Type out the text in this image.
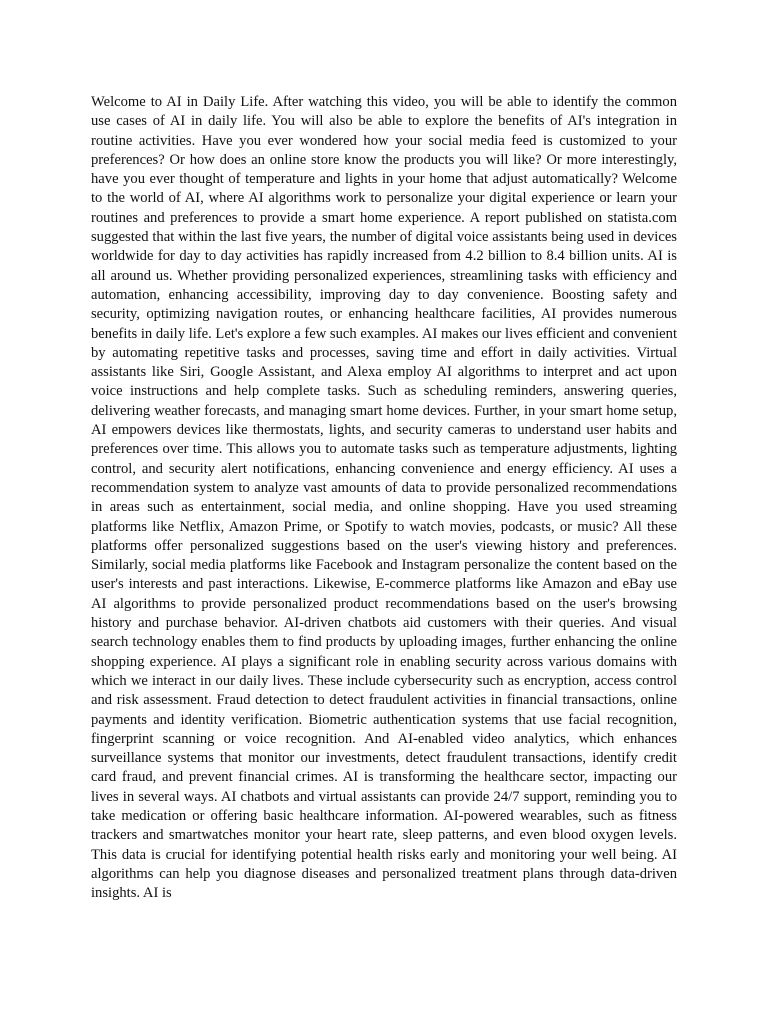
Welcome to AI in Daily Life. After watching this video, you will be able to identify the common use cases of AI in daily life. You will also be able to explore the benefits of AI's integration in routine activities. Have you ever wondered how your social media feed is customized to your preferences? Or how does an online store know the products you will like? Or more interestingly, have you ever thought of temperature and lights in your home that adjust automatically? Welcome to the world of AI, where AI algorithms work to personalize your digital experience or learn your routines and preferences to provide a smart home experience. A report published on statista.com suggested that within the last five years, the number of digital voice assistants being used in devices worldwide for day to day activities has rapidly increased from 4.2 billion to 8.4 billion units. AI is all around us. Whether providing personalized experiences, streamlining tasks with efficiency and automation, enhancing accessibility, improving day to day convenience. Boosting safety and security, optimizing navigation routes, or enhancing healthcare facilities, AI provides numerous benefits in daily life. Let's explore a few such examples. AI makes our lives efficient and convenient by automating repetitive tasks and processes, saving time and effort in daily activities. Virtual assistants like Siri, Google Assistant, and Alexa employ AI algorithms to interpret and act upon voice instructions and help complete tasks. Such as scheduling reminders, answering queries, delivering weather forecasts, and managing smart home devices. Further, in your smart home setup, AI empowers devices like thermostats, lights, and security cameras to understand user habits and preferences over time. This allows you to automate tasks such as temperature adjustments, lighting control, and security alert notifications, enhancing convenience and energy efficiency. AI uses a recommendation system to analyze vast amounts of data to provide personalized recommendations in areas such as entertainment, social media, and online shopping. Have you used streaming platforms like Netflix, Amazon Prime, or Spotify to watch movies, podcasts, or music? All these platforms offer personalized suggestions based on the user's viewing history and preferences. Similarly, social media platforms like Facebook and Instagram personalize the content based on the user's interests and past interactions. Likewise, E-commerce platforms like Amazon and eBay use AI algorithms to provide personalized product recommendations based on the user's browsing history and purchase behavior. AI-driven chatbots aid customers with their queries. And visual search technology enables them to find products by uploading images, further enhancing the online shopping experience. AI plays a significant role in enabling security across various domains with which we interact in our daily lives. These include cybersecurity such as encryption, access control and risk assessment. Fraud detection to detect fraudulent activities in financial transactions, online payments and identity verification. Biometric authentication systems that use facial recognition, fingerprint scanning or voice recognition. And AI-enabled video analytics, which enhances surveillance systems that monitor our investments, detect fraudulent transactions, identify credit card fraud, and prevent financial crimes. AI is transforming the healthcare sector, impacting our lives in several ways. AI chatbots and virtual assistants can provide 24/7 support, reminding you to take medication or offering basic healthcare information. AI-powered wearables, such as fitness trackers and smartwatches monitor your heart rate, sleep patterns, and even blood oxygen levels. This data is crucial for identifying potential health risks early and monitoring your well being. AI algorithms can help you diagnose diseases and personalized treatment plans through data-driven insights. AI is
